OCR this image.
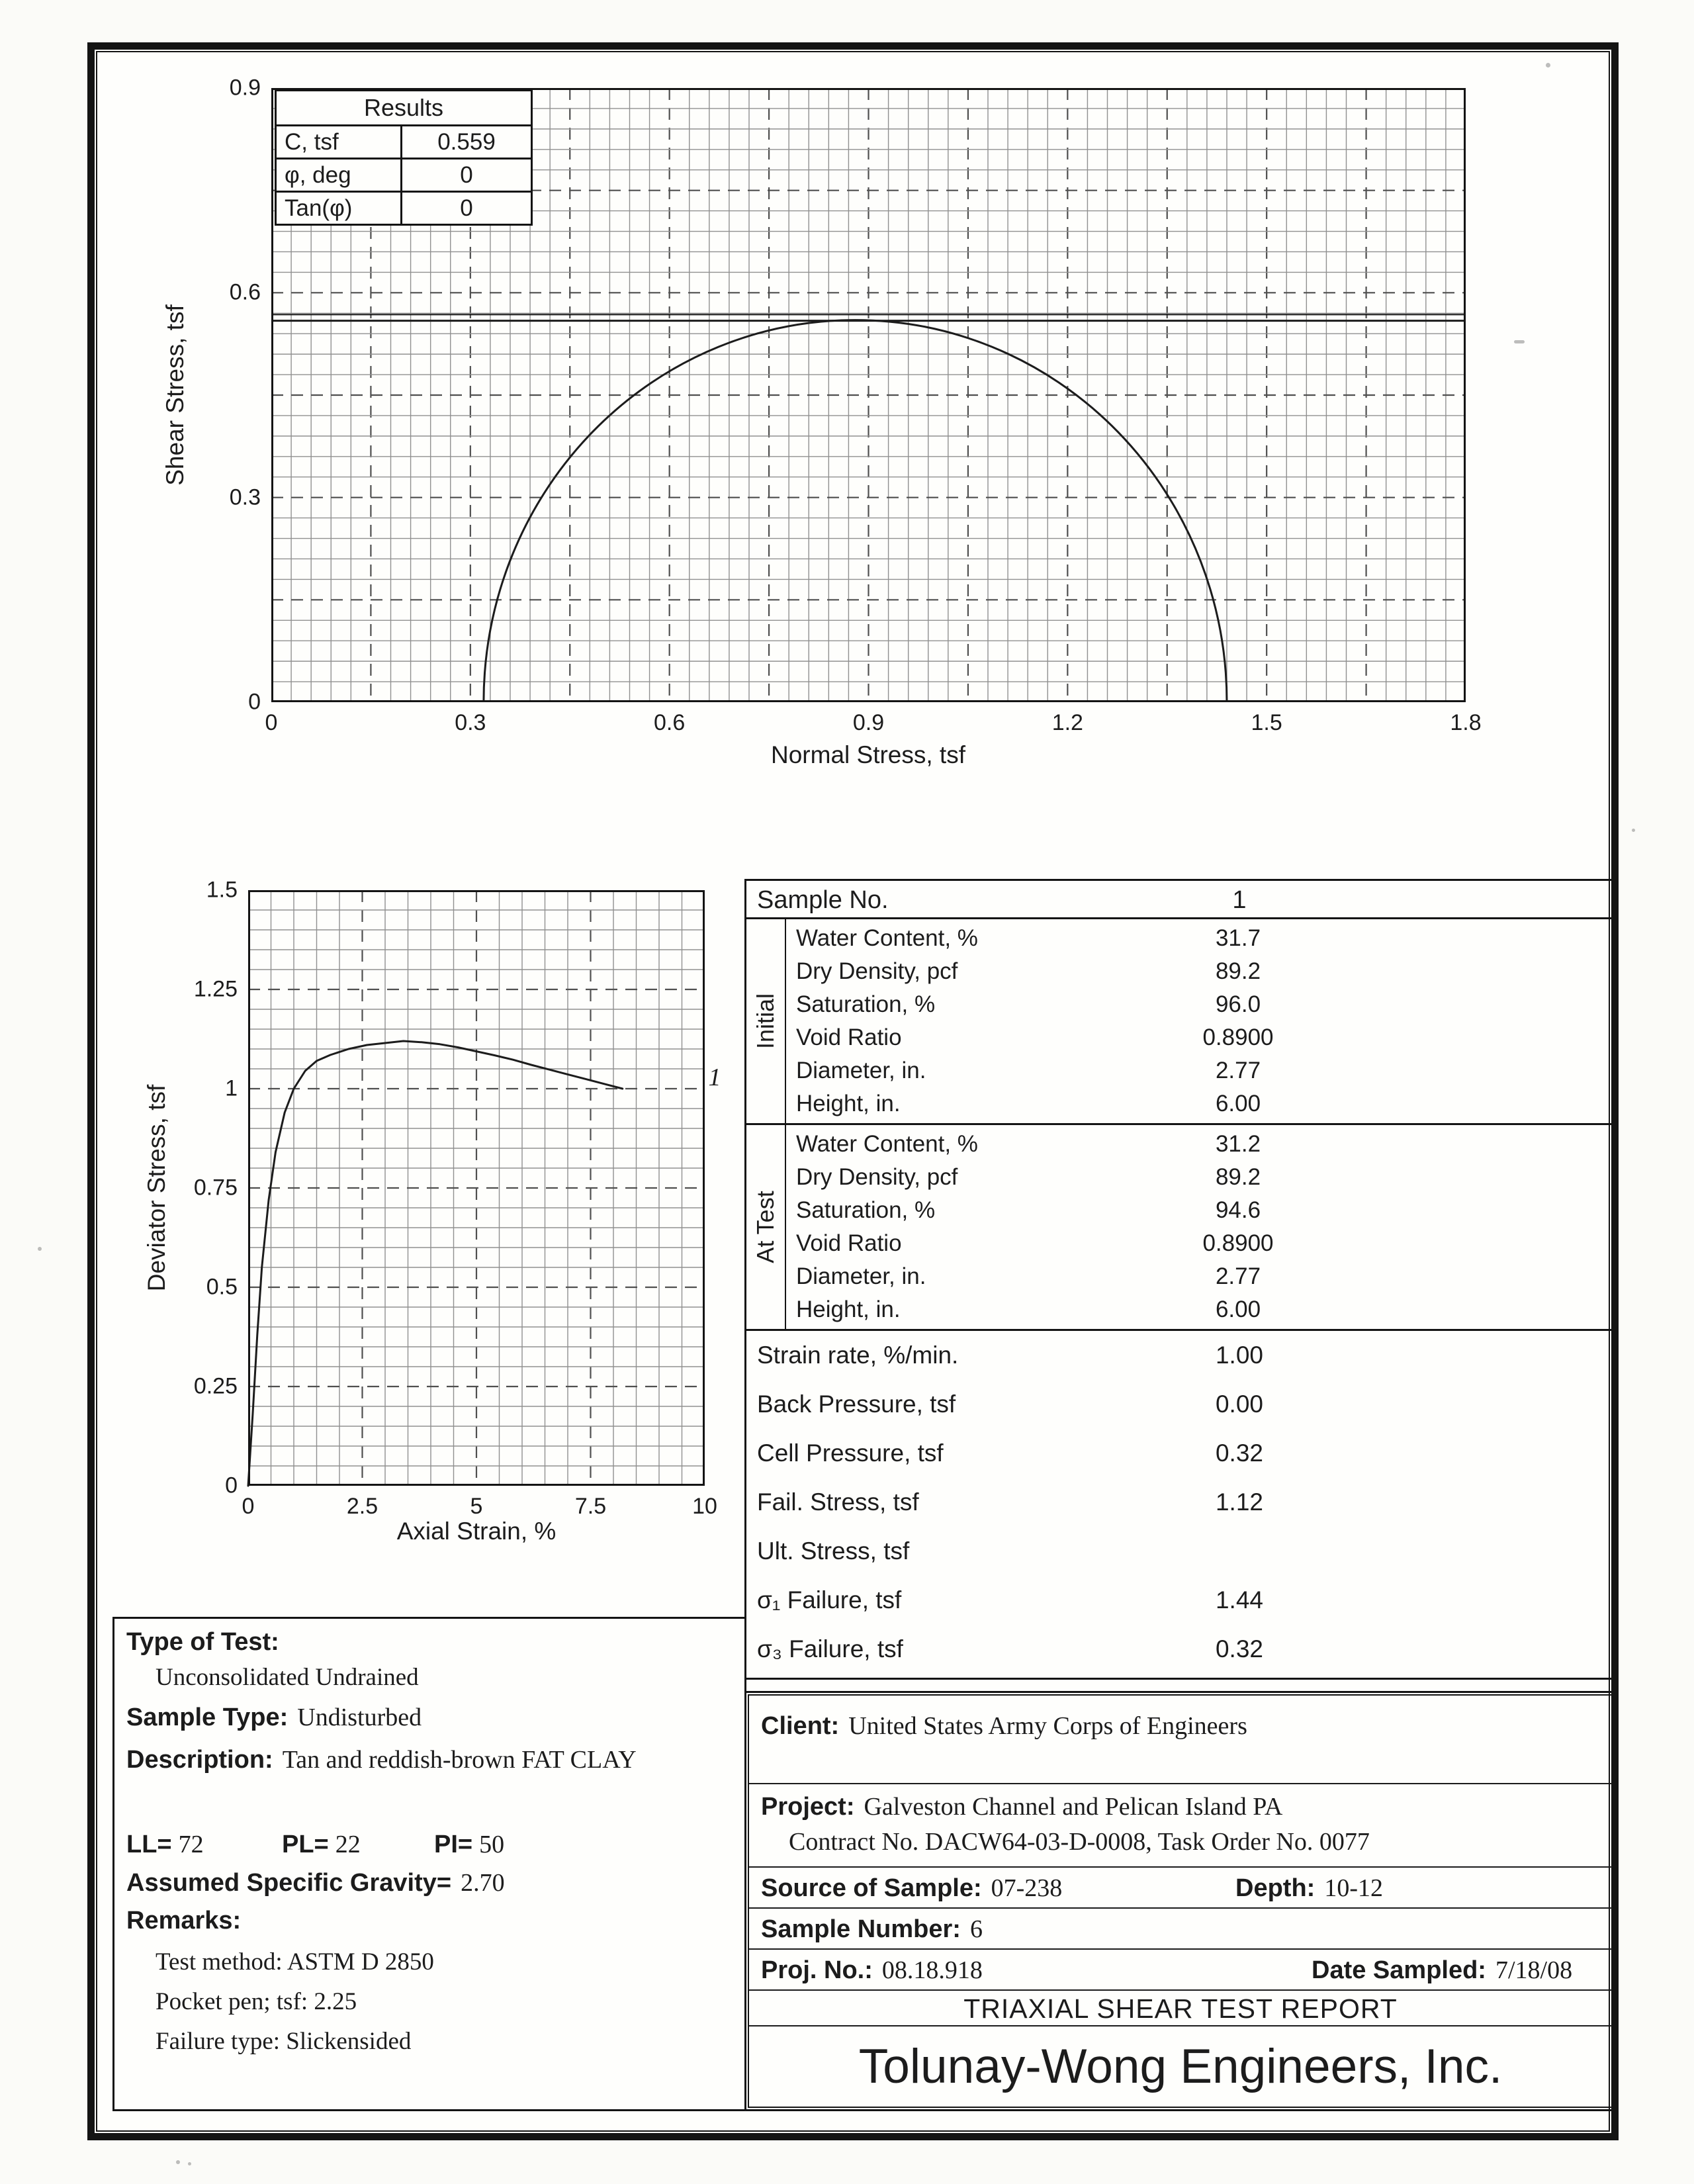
Results
C, tsf	0.559
φ, deg	0
Tan(φ)	0
0	0.3	0.6	0.9	1.2	1.5	1.8
0
0.3
0.6
0.9
Shear Stress, tsf
Normal Stress, tsf
0	2.5	5	7.5	10
0
0.25
0.5
0.75
1
1.25
1.5
Deviator Stress, tsf
Axial Strain, %
1
Sample No.	1
Initial
Water Content, %	31.7
Dry Density, pcf	89.2
Saturation, %	96.0
Void Ratio	0.8900
Diameter, in.	2.77
Height, in.	6.00
At Test
Water Content, %	31.2
Dry Density, pcf	89.2
Saturation, %	94.6
Void Ratio	0.8900
Diameter, in.	2.77
Height, in.	6.00
Strain rate, %/min.	1.00
Back Pressure, tsf	0.00
Cell Pressure, tsf	0.32
Fail. Stress, tsf	1.12
Ult. Stress, tsf
σ₁ Failure, tsf	1.44
σ₃ Failure, tsf	0.32
Type of Test:
Unconsolidated Undrained
Sample Type: Undisturbed
Description: Tan and reddish-brown FAT CLAY
LL= 72	PL= 22	PI= 50
Assumed Specific Gravity= 2.70
Remarks:
Test method: ASTM D 2850
Pocket pen; tsf: 2.25
Failure type: Slickensided
Client: United States Army Corps of Engineers
Project: Galveston Channel and Pelican Island PA
Contract No. DACW64-03-D-0008, Task Order No. 0077
Source of Sample: 07-238	Depth: 10-12
Sample Number: 6
Proj. No.: 08.18.918	Date Sampled: 7/18/08
TRIAXIAL SHEAR TEST REPORT
Tolunay-Wong Engineers, Inc.
